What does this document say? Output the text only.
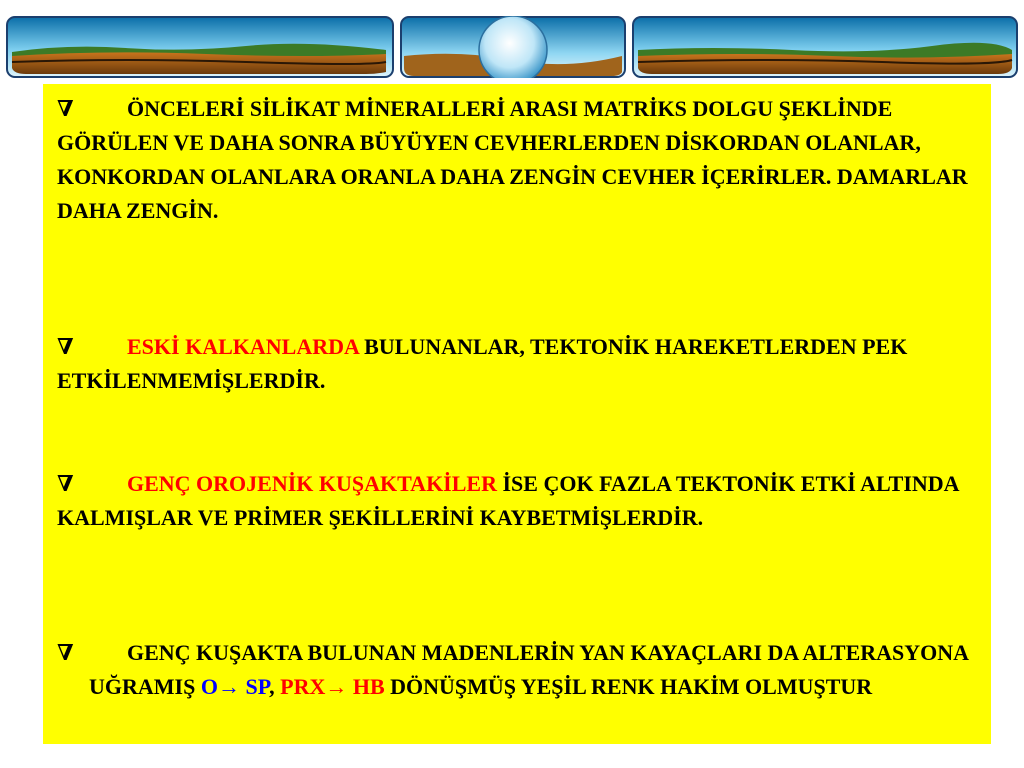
∇ ÖNCELERİ SİLİKAT MİNERALLERİ ARASI MATRİKS DOLGU ŞEKLİNDE GÖRÜLEN VE DAHA SONRA BÜYÜYEN CEVHERLERDEN DİSKORDAN OLANLAR, KONKORDAN OLANLARA ORANLA DAHA ZENGİN CEVHER İÇERİRLER. DAMARLAR DAHA ZENGİN.

∇ ESKİ KALKANLARDA BULUNANLAR, TEKTONİK HAREKETLERDEN PEK ETKİLENMEMİŞLERDİR.

∇ GENÇ OROJENİK KUŞAKTAKİLER İSE ÇOK FAZLA TEKTONİK ETKİ ALTINDA KALMIŞLAR VE PRİMER ŞEKİLLERİNİ KAYBETMİŞLERDİR.

∇ GENÇ KUŞAKTA BULUNAN MADENLERİN YAN KAYAÇLARI DA ALTERASYONAUĞRAMIŞ O→ SP, PRX→ HB DÖNÜŞMÜŞ YEŞİL RENK HAKİM OLMUŞTUR
